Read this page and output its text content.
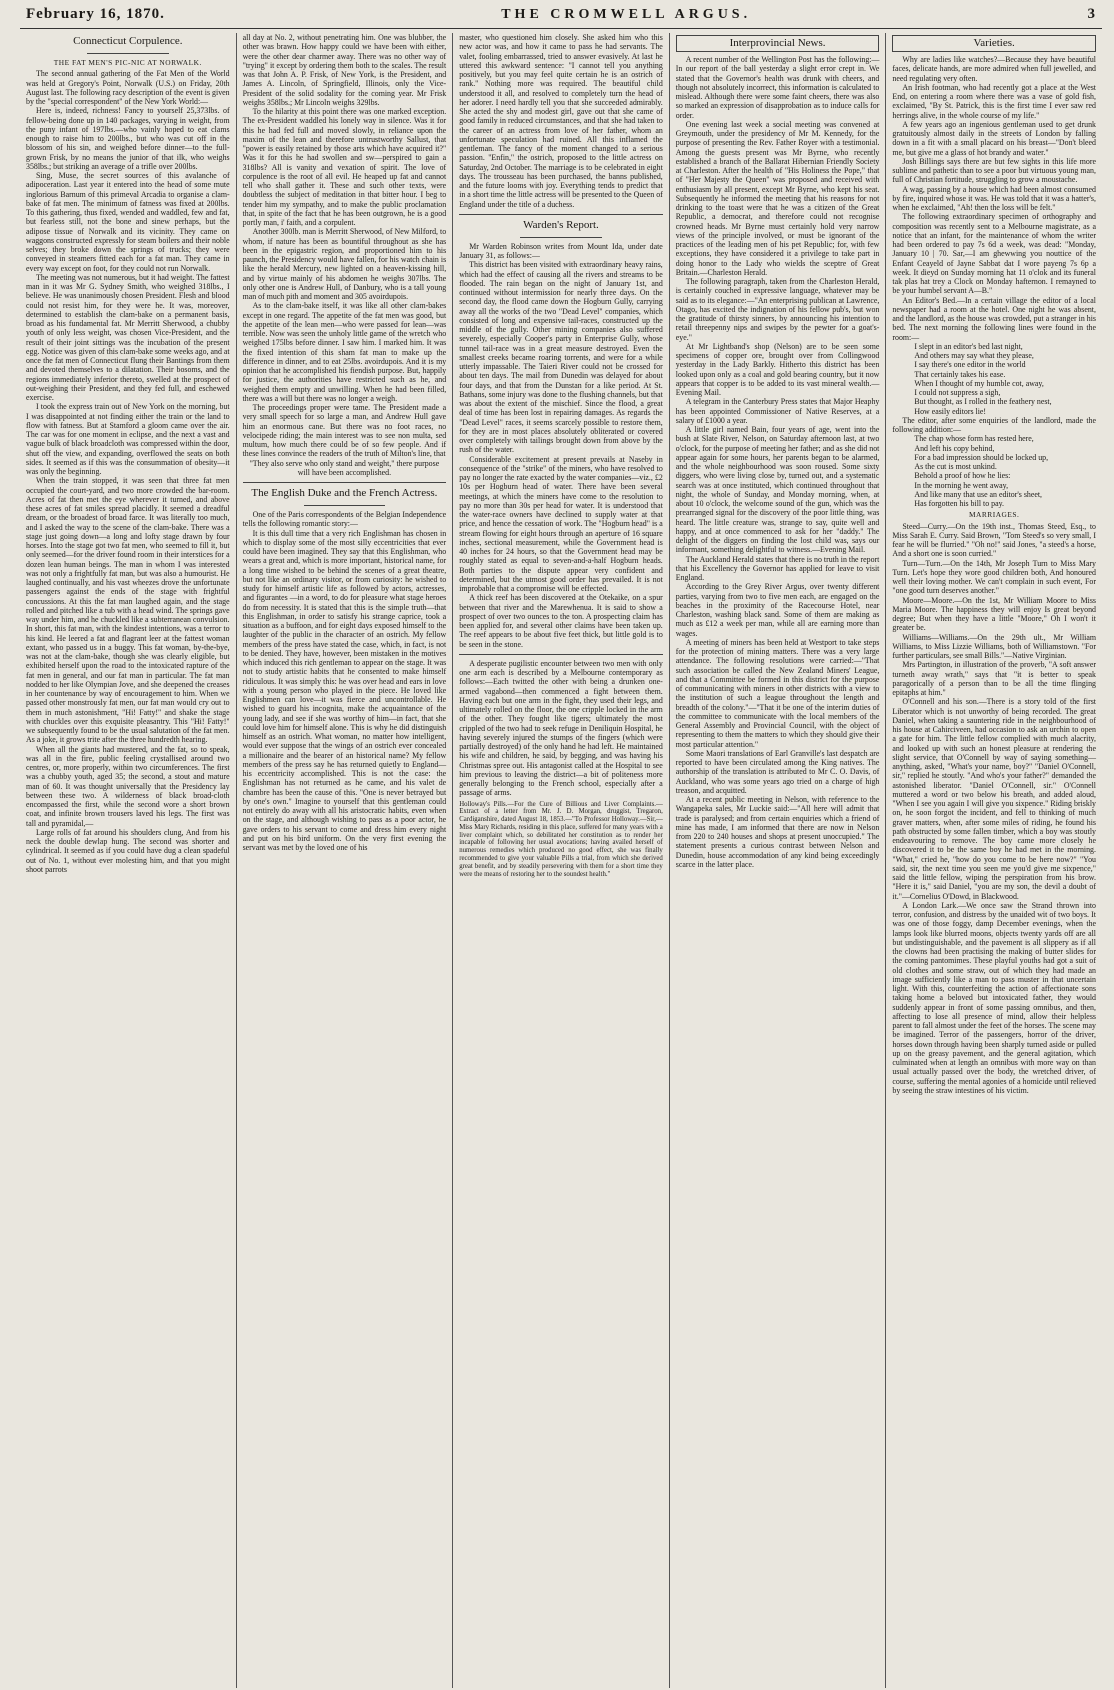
February 16, 1870.	THE CROMWELL ARGUS.	3
Connecticut Corpulence.
THE FAT MEN'S PIC-NIC AT NORWALK.

The second annual gathering of the Fat Men of the World was held at Gregory's Point, Norwalk (U.S.) on Friday, 20th August last. The following racy description of the event is given by the "special correspondent" of the New York World:—

Here is, indeed, richness! Fancy to yourself 25,373lbs. of fellow-being done up in 140 packages, varying in weight, from the puny infant of 197lbs.—who vainly hoped to eat clams enough to raise him to 200lbs., but who was cut off in the blossom of his sin, and weighed before dinner—to the full-grown Frisk, by no means the junior of that ilk, who weighs 358lbs.; but striking an average of a trifle over 200lbs.

Sing, Muse, the secret sources of this avalanche of adipoceration. Last year it entered into the head of some mute inglorious Barnum of this primeval Arcadia to organise a clam-bake of fat men. The minimum of fatness was fixed at 200lbs. To this gathering, thus fixed, wended and waddled, few and fat, but fearless still, not the bone and sinew perhaps, but the adipose tissue of Norwalk and its vicinity. They came on waggons constructed expressly for steam boilers and their noble selves; they broke down the springs of trucks; they were conveyed in steamers fitted each for a fat man. They came in every way except on foot, for they could not run Norwalk.

The meeting was not numerous, but it had weight. The fattest man in it was Mr G. Sydney Smith, who weighed 318lbs., I believe. He was unanimously chosen President. Flesh and blood could not resist him, for they were he. It was, moreover, determined to establish the clam-bake on a permanent basis, broad as his fundamental fat. Mr Merritt Sherwood, a chubby youth of only less weight, was chosen Vice-President, and the result of their joint sittings was the incubation of the present egg. Notice was given of this clam-bake some weeks ago, and at once the fat men of Connecticut flung their Bantings from them and devoted themselves to a dilatation. Their bosoms, and the regions immediately inferior thereto, swelled at the prospect of out-weighing their President, and they fed full, and eschewed exercise.

I took the express train out of New York on the morning, but I was disappointed at not finding either the train or the land to flow with fatness. But at Stamford a gloom came over the air. The car was for one moment in eclipse, and the next a vast and vague bulk of black broadcloth was compressed within the door, shut off the view, and expanding, overflowed the seats on both sides. It seemed as if this was the consummation of obesity—it was only the beginning.

When the train stopped, it was seen that three fat men occupied the court-yard, and two more crowded the bar-room. Acres of fat then met the eye wherever it turned, and above these acres of fat smiles spread placidly. It seemed a dreadful dream, or the broadest of broad farce. It was literally too much, and I asked the way to the scene of the clam-bake. There was a stage just going down—a long and lofty stage drawn by four horses. Into the stage got two fat men, who seemed to fill it, but only seemed—for the driver found room in their interstices for a dozen lean human beings. The man in whom I was interested was not only a frightfully fat man, but was also a humourist. He laughed continually, and his vast wheezes drove the unfortunate passengers against the ends of the stage with frightful concussions. At this the fat man laughed again, and the stage rolled and pitched like a tub with a head wind. The springs gave way under him, and he chuckled like a subterranean convulsion. In short, this fat man, with the kindest intentions, was a terror to his kind. He leered a fat and flagrant leer at the fattest woman extant, who passed us in a buggy. This fat woman, by-the-bye, was not at the clam-bake, though she was clearly eligible, but exhibited herself upon the road to the intoxicated rapture of the fat men in general, and our fat man in particular. The fat man nodded to her like Olympian Jove, and she deepened the creases in her countenance by way of encouragement to him. When we passed other monstrously fat men, our fat man would cry out to them in much astonishment, "Hi! Fatty!" and shake the stage with chuckles over this exquisite pleasantry. This "Hi! Fatty!" we subsequently found to be the usual salutation of the fat men. As a joke, it grows trite after the three hundredth hearing.

When all the giants had mustered, and the fat, so to speak, was all in the fire, public feeling crystallised around two centres, or, more properly, within two circumferences. The first was a chubby youth, aged 35; the second, a stout and mature man of 60. It was thought universally that the Presidency lay between these two. A wilderness of black broad-cloth encompassed the first, while the second wore a short brown coat, and infinite brown trousers laved his legs. The first was tall and pyramidal,—

Large rolls of fat around his shoulders clung, And from his neck the double dewlap hung. The second was shorter and cylindrical. It seemed as if you could have dug a clean spadeful out of No. 1, without ever molesting him, and that you might shoot parrots

all day at No. 2, without penetrating him. One was blubber, the other was brawn. How happy could we have been with either, were the other dear charmer away. There was no other way of "trying" it except by ordering them both to the scales. The result was that John A. P. Frisk, of New York, is the President, and James A. Lincoln, of Springfield, Illinois, only the Vice-President of the solid sodality for the coming year. Mr Frisk weighs 358lbs.; Mr Lincoln weighs 329lbs.

To the hilarity at this point there was one marked exception. The ex-President waddled his lonely way in silence. Was it for this he had fed full and moved slowly, in reliance upon the maxim of the lean and therefore untrustworthy Sallust, that "power is easily retained by those arts which have acquired it?" Was it for this he had swollen and sw—perspired to gain a 318lbs? All is vanity and vexation of spirit. The love of corpulence is the root of all evil. He heaped up fat and cannot tell who shall gather it. These and such other texts, were doubtless the subject of meditation in that bitter hour. I beg to tender him my sympathy, and to make the public proclamation that, in spite of the fact that he has been outgrown, he is a good portly man, i' faith, and a corpulent.

Another 300lb. man is Merritt Sherwood, of New Milford, to whom, if nature has been as bountiful throughout as she has been in the epigastric region, and proportioned him to his paunch, the Presidency would have fallen, for his watch chain is like the herald Mercury, new lighted on a heaven-kissing hill, and by virtue mainly of his abdomen he weighs 307lbs. The only other one is Andrew Hull, of Danbury, who is a tall young man of much pith and moment and 305 avoirdupois.

As to the clam-bake itself, it was like all other clam-bakes except in one regard. The appetite of the fat men was good, but the appetite of the lean men—who were passed for lean—was terrible. Now was seen the unholy little game of the wretch who weighed 175lbs before dinner. I saw him. I marked him. It was the fixed intention of this sham fat man to make up the difference in dinner, and to eat 25lbs. avoirdupois. And it is my opinion that he accomplished his fiendish purpose. But, happily for justice, the authorities have restricted such as he, and weighed them empty and unwilling. When he had been filled, there was a will but there was no longer a weigh.

The proceedings proper were tame. The President made a very small speech for so large a man, and Andrew Hull gave him an enormous cane. But there was no foot races, no velocipede riding; the main interest was to see non multa, sed multum, how much there could be of so few people. And if these lines convince the readers of the truth of Milton's line, that

"They also serve who only stand and weight," there purpose will have been accomplished.

The English Duke and the French Actress.

One of the Paris correspondents of the Belgian Independence tells the following romantic story:—

It is this dull time that a very rich Englishman has chosen in which to display some of the most silly eccentricities that ever could have been imagined. They say that this Englishman, who wears a great and, which is more important, historical name, for a long time wished to be behind the scenes of a great theatre, but not like an ordinary visitor, or from curiosity: he wished to study for himself artistic life as followed by actors, actresses, and figurantes —in a word, to do for pleasure what stage heroes do from necessity. It is stated that this is the simple truth—that this Englishman, in order to satisfy his strange caprice, took a situation as a buffoon, and for eight days exposed himself to the laughter of the public in the character of an ostrich. My fellow members of the press have stated the case, which, in fact, is not to be denied. They have, however, been mistaken in the motives which induced this rich gentleman to appear on the stage. It was not to study artistic habits that he consented to make himself ridiculous. It was simply this: he was over head and ears in love with a young person who played in the piece. He loved like Englishmen can love—it was fierce and uncontrollable. He wished to guard his incognita, make the acquaintance of the young lady, and see if she was worthy of him—in fact, that she could love him for himself alone. This is why he did distinguish himself as an ostrich. What woman, no matter how intelligent, would ever suppose that the wings of an ostrich ever concealed a millionaire and the bearer of an historical name? My fellow members of the press say he has returned quietly to England—his eccentricity accomplished. This is not the case: the Englishman has not returned as he came, and his valet de chambre has been the cause of this. "One is never betrayed but by one's own." Imagine to yourself that this gentleman could not entirely do away with all his aristocratic habits, even when on the stage, and although wishing to pass as a poor actor, he gave orders to his servant to come and dress him every night and put on his bird uniform. On the very first evening the servant was met by the loved one of his

master, who questioned him closely. She asked him who this new actor was, and how it came to pass he had servants. The valet, fooling embarrassed, tried to answer evasively. At last he uttered this awkward sentence: "I cannot tell you anything positively, but you may feel quite certain he is an ostrich of rank." Nothing more was required. The beautiful child understood it all, and resolved to completely turn the head of her adorer. I need hardly tell you that she succeeded admirably. She acted the shy and modest girl, gave out that she came of good family in reduced circumstances, and that she had taken to the career of an actress from love of her father, whom an unfortunate speculation had ruined. All this inflamed the gentleman. The fancy of the moment changed to a serious passion. "Enfin," the ostrich, proposed to the little actress on Saturday, 2nd October. The marriage is to be celebrated in eight days. The trousseau has been purchased, the banns published, and the future looms with joy. Everything tends to predict that in a short time the little actress will be presented to the Queen of England under the title of a duchess.

Warden's Report.

Mr Warden Robinson writes from Mount Ida, under date January 31, as follows:—

This district has been visited with extraordinary heavy rains, which had the effect of causing all the rivers and streams to be flooded. The rain began on the night of January 1st, and continued without intermission for nearly three days. On the second day, the flood came down the Hogburn Gully, carrying away all the works of the two "Dead Level" companies, which consisted of long and expensive tail-races, constructed up the middle of the gully. Other mining companies also suffered severely, especially Cooper's party in Enterprise Gully, whose tunnel tail-race was in a great measure destroyed. Even the smallest creeks became roaring torrents, and were for a while utterly impassable. The Taieri River could not be crossed for about ten days. The mail from Dunedin was delayed for about four days, and that from the Dunstan for a like period. At St. Bathans, some injury was done to the flushing channels, but that was about the extent of the mischief. Since the flood, a great deal of time has been lost in repairing damages. As regards the "Dead Level" races, it seems scarcely possible to restore them, for they are in most places absolutely obliterated or covered over completely with tailings brought down from above by the rush of the water.

Considerable excitement at present prevails at Naseby in consequence of the "strike" of the miners, who have resolved to pay no longer the rate exacted by the water companies—viz., £2 10s per Hogburn head of water. There have been several meetings, at which the miners have come to the resolution to pay no more than 30s per head for water. It is understood that the water-race owners have declined to supply water at that price, and hence the cessation of work. The "Hogburn head" is a stream flowing for eight hours through an aperture of 16 square inches, sectional measurement, while the Government head is 40 inches for 24 hours, so that the Government head may be roughly stated as equal to seven-and-a-half Hogburn heads. Both parties to the dispute appear very confident and determined, but the utmost good order has prevailed. It is not improbable that a compromise will be effected.

A thick reef has been discovered at the Otekaike, on a spur between that river and the Marewhenua. It is said to show a prospect of over two ounces to the ton. A prospecting claim has been applied for, and several other claims have been taken up. The reef appears to be about five feet thick, but little gold is to be seen in the stone.

A desperate pugilistic encounter between two men with only one arm each is described by a Melbourne contemporary as follows:—Each twitted the other with being a drunken one-armed vagabond—then commenced a fight between them. Having each but one arm in the fight, they used their legs, and ultimately rolled on the floor, the one cripple locked in the arm of the other. They fought like tigers; ultimately the most crippled of the two had to seek refuge in Deniliquin Hospital, he having severely injured the stumps of the fingers (which were partially destroyed) of the only hand he had left. He maintained his wife and children, he said, by begging, and was having his Christmas spree out. His antagonist called at the Hospital to see him previous to leaving the district—a bit of politeness more generally belonging to the French school, especially after a passage of arms.

Holloway's Pills.—For the Cure of Billious and Liver Complaints.—Extract of a letter from Mr. J. D. Morgan, druggist, Tregaron, Cardiganshire, dated August 18, 1853.—"To Professor Holloway.—Sir,—Miss Mary Richards, residing in this place, suffered for many years with a liver complaint which, so debilitated her constitution as to render her incapable of following her usual avocations; having availed herself of numerous remedies which produced no good effect, she was finally recommended to give your valuable Pills a trial, from which she derived great benefit, and by steadily persevering with them for a short time they were the means of restoring her to the soundest health."

Interprovincial News.

A recent number of the Wellington Post has the following:—In our report of the ball yesterday a slight error crept in. We stated that the Governor's health was drunk with cheers, and though not absolutely incorrect, this information is calculated to mislead. Although there were some faint cheers, there was also so marked an expression of disapprobation as to induce calls for order.

One evening last week a social meeting was convened at Greymouth, under the presidency of Mr M. Kennedy, for the purpose of presenting the Rev. Father Royer with a testimonial. Among the guests present was Mr Byrne, who recently established a branch of the Ballarat Hibernian Friendly Society at Charleston. After the health of "His Holiness the Pope," that of "Her Majesty the Queen" was proposed and received with enthusiasm by all present, except Mr Byrne, who kept his seat. Subsequently he informed the meeting that his reasons for not drinking to the toast were that he was a citizen of the Great Republic, a democrat, and therefore could not recognise crowned heads. Mr Byrne must certainly hold very narrow views of the principle involved, or must be ignorant of the practices of the leading men of his pet Republic; for, with few exceptions, they have considered it a privilege to take part in doing honor to the Lady who wields the sceptre of Great Britain.—Charleston Herald.

The following paragraph, taken from the Charleston Herald, is certainly couched in expressive language, whatever may be said as to its elegance:—"An enterprising publican at Lawrence, Otago, has excited the indignation of his fellow pub's, but won the gratitude of thirsty sinners, by announcing his intention to retail threepenny nips and swipes by the pewter for a goat's-eye."

At Mr Lightband's shop (Nelson) are to be seen some specimens of copper ore, brought over from Collingwood yesterday in the Lady Barkly. Hitherto this district has been looked upon only as a coal and gold bearing country, but it now appears that copper is to be added to its vast mineral wealth.—Evening Mail.

A telegram in the Canterbury Press states that Major Heaphy has been appointed Commissioner of Native Reserves, at a salary of £1000 a year.

A little girl named Bain, four years of age, went into the bush at Slate River, Nelson, on Saturday afternoon last, at two o'clock, for the purpose of meeting her father; and as she did not appear again for some hours, her parents began to be alarmed, and the whole neighbourhood was soon roused. Some sixty diggers, who were living close by, turned out, and a systematic search was at once instituted, which continued throughout that night, the whole of Sunday, and Monday morning, when, at about 10 o'clock, the welcome sound of the gun, which was the prearranged signal for the discovery of the poor little thing, was heard. The little creature was, strange to say, quite well and happy, and at once commenced to ask for her "daddy." The delight of the diggers on finding the lost child was, says our informant, something delightful to witness.—Evening Mail.

The Auckland Herald states that there is no truth in the report that his Excellency the Governor has applied for leave to visit England.

According to the Grey River Argus, over twenty different parties, varying from two to five men each, are engaged on the beaches in the proximity of the Racecourse Hotel, near Charleston, washing black sand. Some of them are making as much as £12 a week per man, while all are earning more than wages.

A meeting of miners has been held at Westport to take steps for the protection of mining matters. There was a very large attendance. The following resolutions were carried:—"That such association be called the New Zealand Miners' League, and that a Committee be formed in this district for the purpose of communicating with miners in other districts with a view to the institution of such a league throughout the length and breadth of the colony."—"That it be one of the interim duties of the committee to communicate with the local members of the General Assembly and Provincial Council, with the object of representing to them the matters to which they should give their most particular attention."

Some Maori translations of Earl Granville's last despatch are reported to have been circulated among the King natives. The authorship of the translation is attributed to Mr C. O. Davis, of Auckland, who was some years ago tried on a charge of high treason, and acquitted.

At a recent public meeting in Nelson, with reference to the Wangapeka sales, Mr Luckie said:—"All here will admit that trade is paralysed; and from certain enquiries which a friend of mine has made, I am informed that there are now in Nelson from 220 to 240 houses and shops at present unoccupied." The statement presents a curious contrast between Nelson and Dunedin, house accommodation of any kind being exceedingly scarce in the latter place.

Varieties.

Why are ladies like watches?—Because they have beautiful faces, delicate hands, are more admired when full jewelled, and need regulating very often.

An Irish footman, who had recently got a place at the West End, on entering a room where there was a vase of gold fish, exclaimed, "By St. Patrick, this is the first time I ever saw red herrings alive, in the whole course of my life."

A few years ago an ingenious gentleman used to get drunk gratuitously almost daily in the streets of London by falling down in a fit with a small placard on his breast—"Don't bleed me, but give me a glass of hot brandy and water."

Josh Billings says there are but few sights in this life more sublime and pathetic than to see a poor but virtuous young man, full of Christian fortitude, struggling to grow a moustache.

A wag, passing by a house which had been almost consumed by fire, inquired whose it was. He was told that it was a hatter's, when he exclaimed, "Ah! then the loss will be felt."

The following extraordinary specimen of orthography and composition was recently sent to a Melbourne magistrate, as a notice that an infant, for the maintenance of whom the writer had been ordered to pay 7s 6d a week, was dead: "Monday, January 10 | 70. Sar,—I am ghewwing you nouttice of the Enfant Ceayeld of Jayne Sabbat dat I wore payeng 7s 6p a week. It dieyd on Sunday morning hat 11 o'clok and its funeral tak plas hat trey a Clock on Monday hafternon. I remayned to be your humbel servant A—B."

An Editor's Bed.—In a certain village the editor of a local newspaper had a room at the hotel. One night he was absent, and the landlord, as the house was crowded, put a stranger in his bed. The next morning the following lines were found in the room:—

I slept in an editor's bed last night,

And others may say what they please,

I say there's one editor in the world

That certainly takes his ease.

When I thought of my humble cot, away,

I could not suppress a sigh,

But thought, as I rolled in the feathery nest,

How easily editors lie!

The editor, after some enquiries of the landlord, made the following addition:—

The chap whose form has rested here,

And left his copy behind,

For a bad impression should be locked up,

As the cut is most unkind.

Behold a proof of how he lies:

In the morning he went away,

And like many that use an editor's sheet,

Has forgotten his bill to pay.

MARRIAGES.

Steed—Curry.—On the 19th inst., Thomas Steed, Esq., to Miss Sarah E. Curry. Said Brown, "Tom Steed's so very small, I fear he will be flurried." "Oh no!" said Jones, "a steed's a horse, And a short one is soon curried."

Turn—Turn.—On the 14th, Mr Joseph Turn to Miss Mary Turn. Let's hope they wore good children both, And honoured well their loving mother. We can't complain in such event, For "one good turn deserves another."

Moore—Moore.—On the 1st, Mr William Moore to Miss Maria Moore. The happiness they will enjoy Is great beyond degree; But when they have a little "Moore," Oh I won't it greater be.

Williams—Williams.—On the 29th ult., Mr William Williams, to Miss Lizzie Williams, both of Williamstown. "For further particulars, see small Bills."—Native Virginian.

Mrs Partington, in illustration of the proverb, "A soft answer turneth away wrath," says that "it is better to speak paragorically of a person than to be all the time flinging epitaphs at him."

O'Connell and his son.—There is a story told of the first Liberator which is not unworthy of being recorded. The great Daniel, when taking a sauntering ride in the neighbourhood of his house at Cahirciveen, had occasion to ask an urchin to open a gate for him. The little fellow complied with much alacrity, and looked up with such an honest pleasure at rendering the slight service, that O'Connell by way of saying something—anything, asked, "What's your name, boy?" "Daniel O'Connell, sir," replied he stoutly. "And who's your father?" demanded the astonished liberator. "Daniel O'Connell, sir." O'Connell muttered a word or two below his breath, and added aloud, "When I see you again I will give you sixpence." Riding briskly on, he soon forgot the incident, and fell to thinking of much graver matters, when, after some miles of riding, he found his path obstructed by some fallen timber, which a boy was stoutly endeavouring to remove. The boy came more closely he discovered it to be the same boy he had met in the morning. "What," cried he, "how do you come to be here now?" "You said, sir, the next time you seen me you'd give me sixpence," said the little fellow, wiping the perspiration from his brow. "Here it is," said Daniel, "you are my son, the devil a doubt of it."—Cornelius O'Dowd, in Blackwood.

A London Lark.—We once saw the Strand thrown into terror, confusion, and distress by the unaided wit of two boys. It was one of those foggy, damp December evenings, when the lamps look like blurred moons, objects twenty yards off are all but undistinguishable, and the pavement is all slippery as if all the clowns had been practising the making of butter slides for the coming pantomimes. These playful youths had got a suit of old clothes and some straw, out of which they had made an image sufficiently like a man to pass muster in that uncertain light. With this, counterfeiting the action of affectionate sons taking home a beloved but intoxicated father, they would suddenly appear in front of some passing omnibus, and then, affecting to lose all presence of mind, allow their helpless parent to fall almost under the feet of the horses. The scene may be imagined. Terror of the passengers, horror of the driver, horses down through having been sharply turned aside or pulled up on the greasy pavement, and the general agitation, which culminated when at length an omnibus with more way on than usual actually passed over the body, the wretched driver, of course, suffering the mental agonies of a homicide until relieved by seeing the straw intestines of his victim.
